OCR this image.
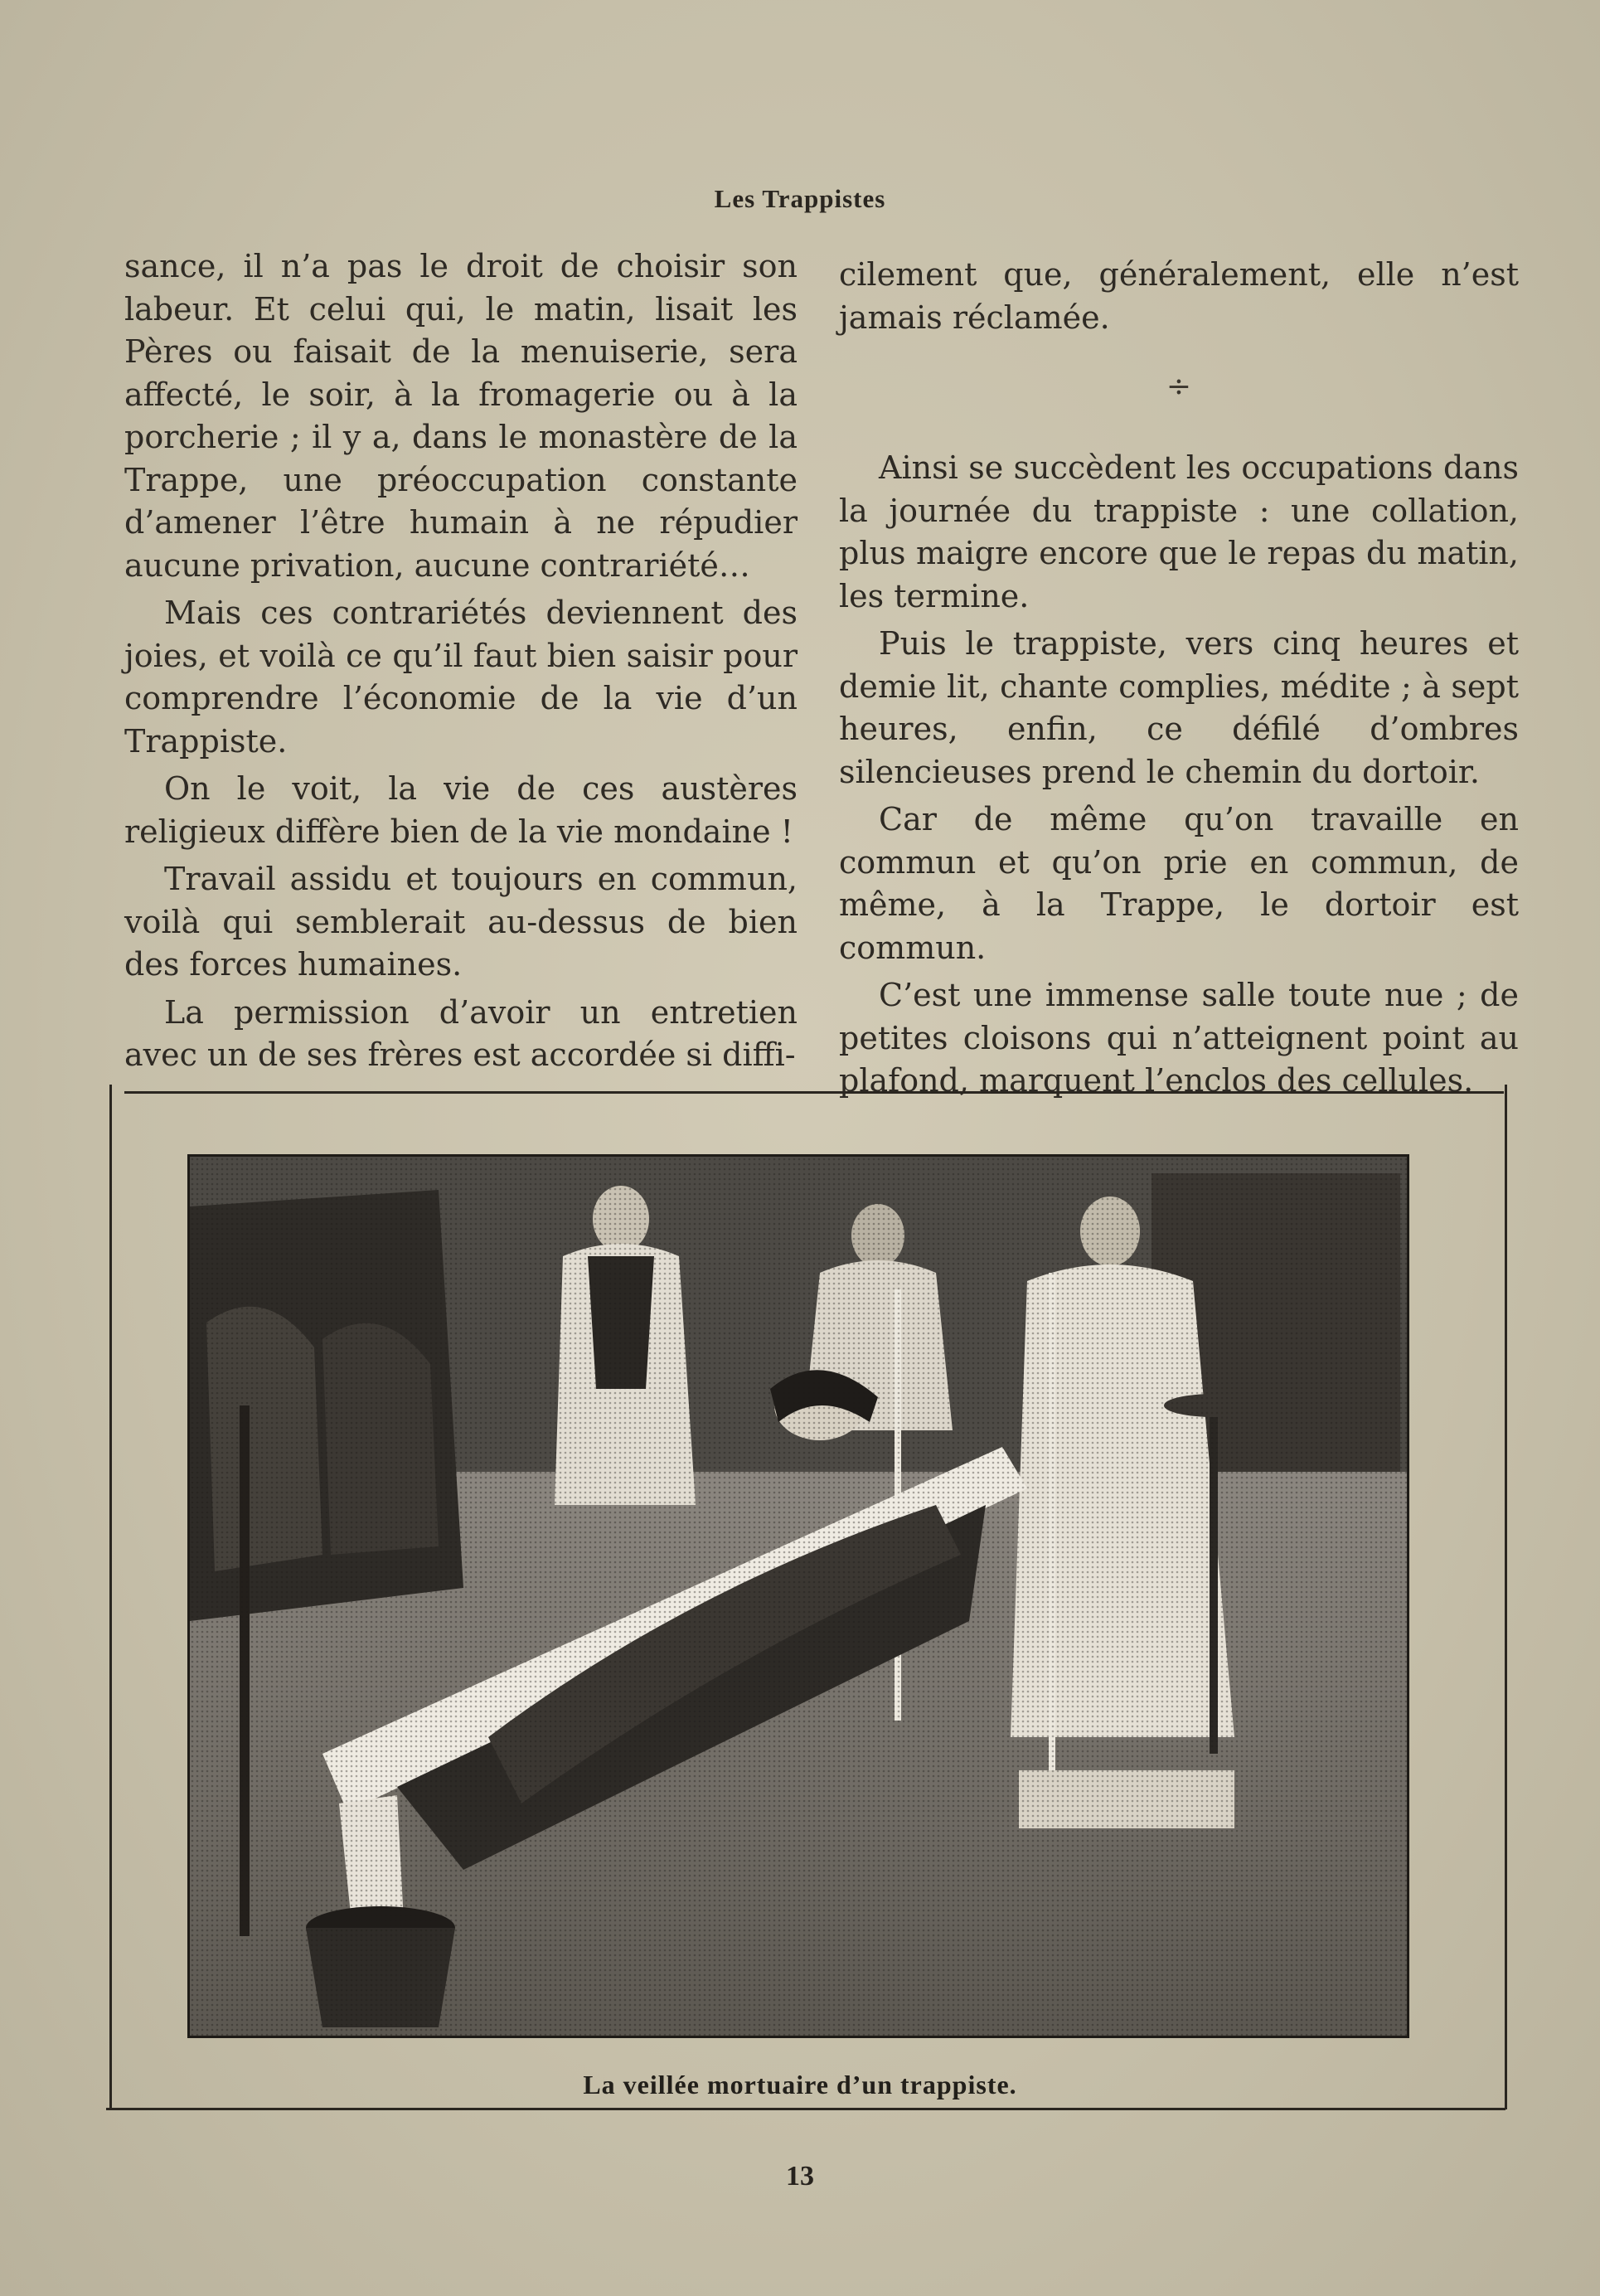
Les Trappistes

sance, il n’a pas le droit de choisir son labeur. Et celui qui, le matin, lisait les Pères ou faisait de la menuiserie, sera affecté, le soir, à la fromagerie ou à la porcherie ; il y a, dans le monastère de la Trappe, une préoccupation constante d’amener l’être humain à ne répudier aucune privation, aucune contrariété…

Mais ces contrariétés deviennent des joies, et voilà ce qu’il faut bien saisir pour comprendre l’économie de la vie d’un Trappiste.

On le voit, la vie de ces austères religieux diffère bien de la vie mondaine !

Travail assidu et toujours en commun, voilà qui semblerait au-dessus de bien des forces humaines.

La permission d’avoir un entretien avec un de ses frères est accordée si diffi-

cilement que, généralement, elle n’est jamais réclamée.

÷

Ainsi se succèdent les occupations dans la journée du trappiste : une collation, plus maigre encore que le repas du matin, les termine.

Puis le trappiste, vers cinq heures et demie lit, chante complies, médite ; à sept heures, enfin, ce défilé d’ombres silencieuses prend le chemin du dortoir.

Car de même qu’on travaille en commun et qu’on prie en commun, de même, à la Trappe, le dortoir est commun.

C’est une immense salle toute nue ; de petites cloisons qui n’atteignent point au plafond, marquent l’enclos des cellules.

La veillée mortuaire d’un trappiste.
13
